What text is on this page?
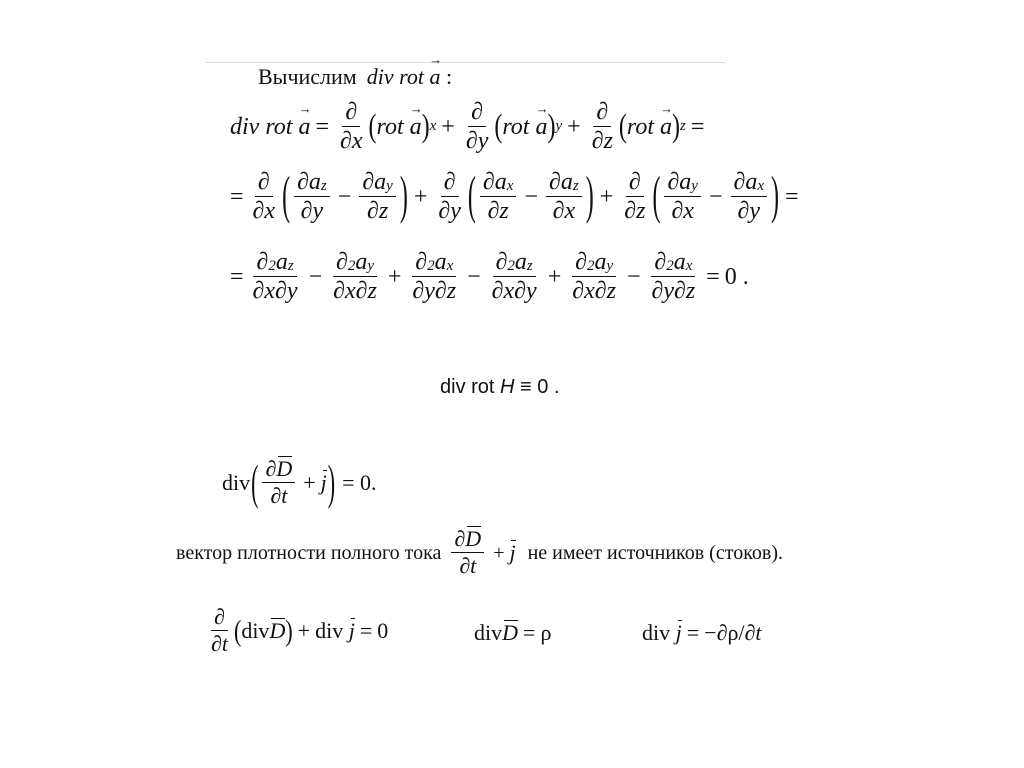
Вычислим div rot a → :
div rot
a → = $\frac{\partial}{\partial x}$ ( rot a → ) $x + \frac{\partial}{\partial y}$ ( rot a → ) $y + \frac{\partial}{\partial z}$ ( rot a → ) z =
= $\frac{\partial}{\partial x}$ ( $\frac{\text{∂a z}}{\partial y} - \frac{\text{∂a y}}{\partial z}$ ) + $\frac{\partial}{\partial y}$ ( $\frac{\text{∂a x}}{\partial z} - \frac{\text{∂a z}}{\partial x}$ ) + $\frac{\partial}{\partial z}$ ( $\frac{\text{∂a y}}{\partial x} - \frac{\text{∂a x}}{\partial y}$ ) =
= $\frac{\text{∂ 2 a z}}{\partial x\partial y} - \frac{\text{∂ 2 a y}}{\partial x\partial z} + \frac{\text{∂ 2 a x}}{\partial y\partial z} - \frac{\text{∂ 2 a z}}{\partial x\partial y} + \frac{\text{∂ 2 a y}}{\partial x\partial z} - \frac{\text{∂ 2 a x}}{\partial y\partial z} = 0$ .
div rot H ≡ 0 .
div ( $\frac{\partial D}{\partial t} + j$ ) = 0.
вектор плотности полного тока $\frac{\partial D}{\partial t} + j$ не имеет источников (стоков).
$\frac{\partial}{\partial t}$ ( div D ) + div j = 0	div D = ρ	div j = −∂ρ/∂ t
